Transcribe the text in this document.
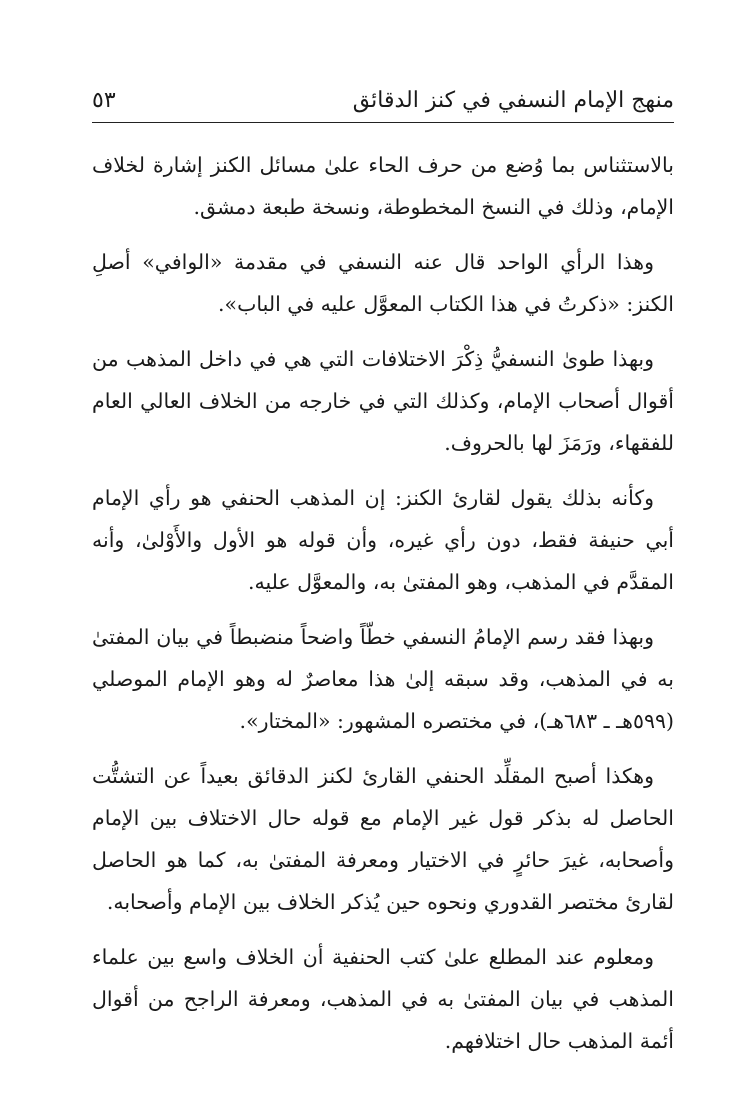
منهج الإمام النسفي في كنز الدقائق
٥٣

بالاستثناس بما وُضع من حرف الحاء علىٰ مسائل الكنز إشارة لخلاف الإمام، وذلك في النسخ المخطوطة، ونسخة طبعة دمشق.

وهذا الرأي الواحد قال عنه النسفي في مقدمة «الوافي» أصلِ الكنز: «ذكرتُ في هذا الكتاب المعوَّل عليه في الباب».

وبهذا طوىٰ النسفيُّ ذِكْرَ الاختلافات التي هي في داخل المذهب من أقوال أصحاب الإمام، وكذلك التي في خارجه من الخلاف العالي العام للفقهاء، ورَمَزَ لها بالحروف.

وكأنه بذلك يقول لقارئ الكنز: إن المذهب الحنفي هو رأي الإمام أبي حنيفة فقط، دون رأي غيره، وأن قوله هو الأول والأَوْلىٰ، وأنه المقدَّم في المذهب، وهو المفتىٰ به، والمعوَّل عليه.

وبهذا فقد رسم الإمامُ النسفي خطّاً واضحاً منضبطاً في بيان المفتىٰ به في المذهب، وقد سبقه إلىٰ هذا معاصرٌ له وهو الإمام الموصلي (٥٩٩هـ ـ ٦٨٣هـ)، في مختصره المشهور: «المختار».

وهكذا أصبح المقلِّد الحنفي القارئ لكنز الدقائق بعيداً عن التشتُّت الحاصل له بذكر قول غير الإمام مع قوله حال الاختلاف بين الإمام وأصحابه، غيرَ حائرٍ في الاختيار ومعرفة المفتىٰ به، كما هو الحاصل لقارئ مختصر القدوري ونحوه حين يُذكر الخلاف بين الإمام وأصحابه.

ومعلوم عند المطلع علىٰ كتب الحنفية أن الخلاف واسع بين علماء المذهب في بيان المفتىٰ به في المذهب، ومعرفة الراجح من أقوال أئمة المذهب حال اختلافهم.
